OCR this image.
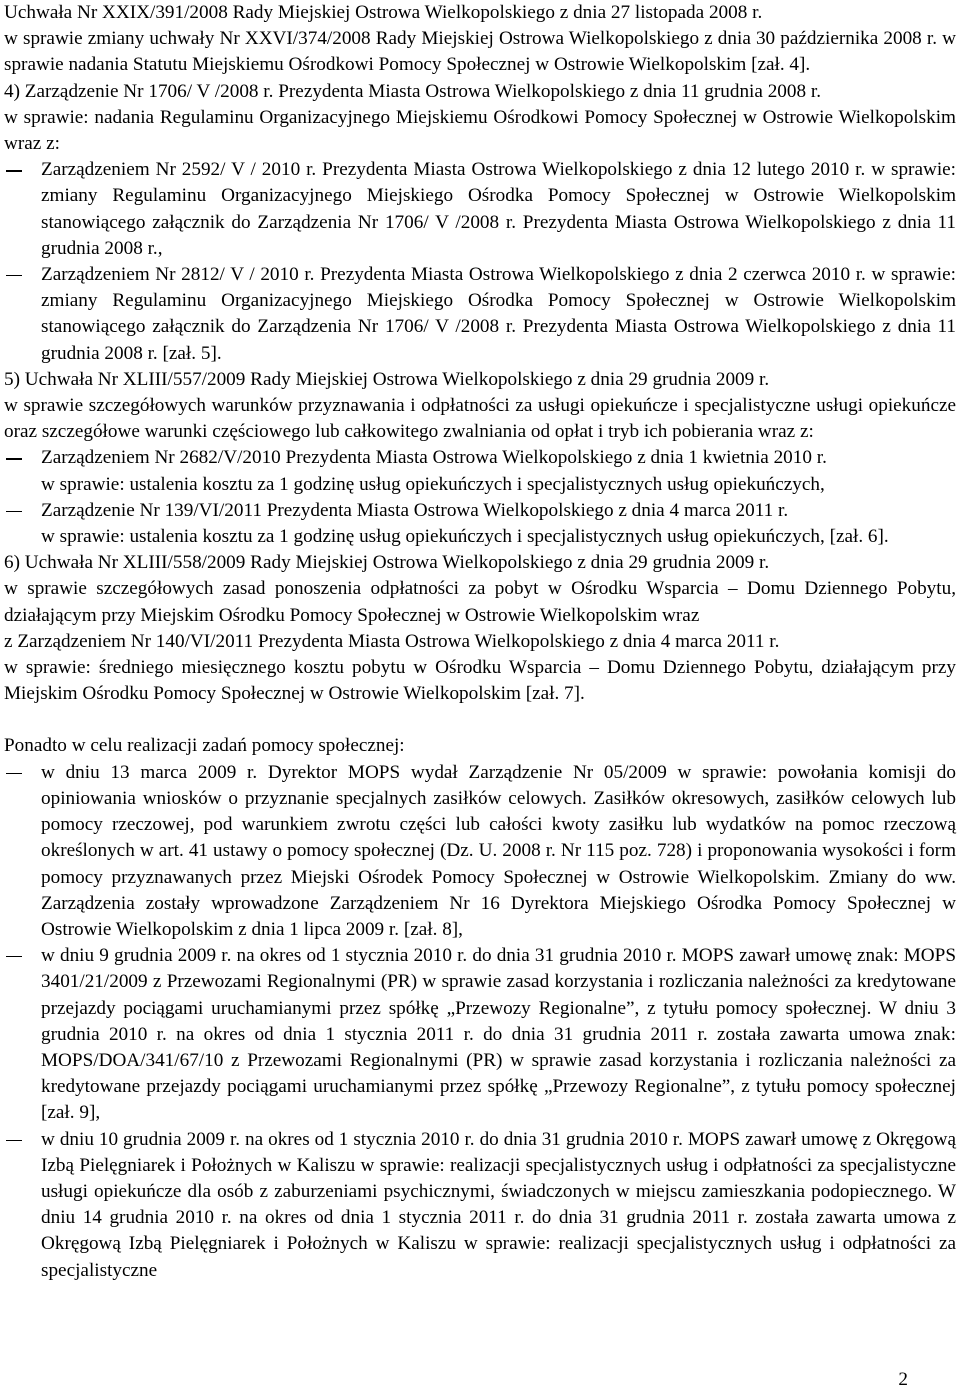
Uchwała Nr XXIX/391/2008 Rady Miejskiej Ostrowa Wielkopolskiego z dnia 27 listopada 2008 r.

w sprawie zmiany uchwały Nr XXVI/374/2008 Rady Miejskiej Ostrowa Wielkopolskiego z dnia 30 października 2008 r. w sprawie nadania Statutu Miejskiemu Ośrodkowi Pomocy Społecznej w Ostrowie Wielkopolskim [zał. 4].

4) Zarządzenie Nr 1706/ V /2008 r. Prezydenta Miasta Ostrowa Wielkopolskiego z dnia 11 grudnia 2008 r.

w sprawie: nadania Regulaminu Organizacyjnego Miejskiemu Ośrodkowi Pomocy Społecznej w Ostrowie Wielkopolskim wraz z:

Zarządzeniem Nr 2592/ V / 2010 r. Prezydenta Miasta Ostrowa Wielkopolskiego z dnia 12 lutego 2010 r. w sprawie: zmiany Regulaminu Organizacyjnego Miejskiego Ośrodka Pomocy Społecznej w Ostrowie Wielkopolskim stanowiącego załącznik do Zarządzenia Nr 1706/ V /2008 r. Prezydenta Miasta Ostrowa Wielkopolskiego z dnia 11 grudnia 2008 r.,
Zarządzeniem Nr 2812/ V / 2010 r. Prezydenta Miasta Ostrowa Wielkopolskiego z dnia 2 czerwca 2010 r. w sprawie: zmiany Regulaminu Organizacyjnego Miejskiego Ośrodka Pomocy Społecznej w Ostrowie Wielkopolskim stanowiącego załącznik do Zarządzenia Nr 1706/ V /2008 r. Prezydenta Miasta Ostrowa Wielkopolskiego z dnia 11 grudnia 2008 r. [zał. 5].

5) Uchwała Nr XLIII/557/2009 Rady Miejskiej Ostrowa Wielkopolskiego z dnia 29 grudnia 2009 r.

w sprawie szczegółowych warunków przyznawania i odpłatności za usługi opiekuńcze i specjalistyczne usługi opiekuńcze oraz szczegółowe warunki częściowego lub całkowitego zwalniania od opłat i tryb ich pobierania wraz z:

Zarządzeniem Nr 2682/V/2010 Prezydenta Miasta Ostrowa Wielkopolskiego z dnia 1 kwietnia 2010 r.

w sprawie: ustalenia kosztu za 1 godzinę usług opiekuńczych i specjalistycznych usług opiekuńczych,

Zarządzenie Nr 139/VI/2011 Prezydenta Miasta Ostrowa Wielkopolskiego z dnia 4 marca 2011 r.

w sprawie: ustalenia kosztu za 1 godzinę usług opiekuńczych i specjalistycznych usług opiekuńczych, [zał. 6].

6) Uchwała Nr XLIII/558/2009 Rady Miejskiej Ostrowa Wielkopolskiego z dnia 29 grudnia 2009 r.

w sprawie szczegółowych zasad ponoszenia odpłatności za pobyt w Ośrodku Wsparcia – Domu Dziennego Pobytu, działającym przy Miejskim Ośrodku Pomocy Społecznej w Ostrowie Wielkopolskim wraz

z Zarządzeniem Nr 140/VI/2011 Prezydenta Miasta Ostrowa Wielkopolskiego z dnia 4 marca 2011 r.

w sprawie: średniego miesięcznego kosztu pobytu w Ośrodku Wsparcia – Domu Dziennego Pobytu, działającym przy Miejskim Ośrodku Pomocy Społecznej w Ostrowie Wielkopolskim [zał. 7].

Ponadto w celu realizacji zadań pomocy społecznej:

w dniu 13 marca 2009 r. Dyrektor MOPS wydał Zarządzenie Nr 05/2009 w sprawie: powołania komisji do opiniowania wniosków o przyznanie specjalnych zasiłków celowych. Zasiłków okresowych, zasiłków celowych lub pomocy rzeczowej, pod warunkiem zwrotu części lub całości kwoty zasiłku lub wydatków na pomoc rzeczową określonych w art. 41 ustawy o pomocy społecznej (Dz. U. 2008 r. Nr 115 poz. 728) i proponowania wysokości i form pomocy przyznawanych przez Miejski Ośrodek Pomocy Społecznej w Ostrowie Wielkopolskim. Zmiany do ww. Zarządzenia zostały wprowadzone Zarządzeniem Nr 16 Dyrektora Miejskiego Ośrodka Pomocy Społecznej w Ostrowie Wielkopolskim z dnia 1 lipca 2009 r. [zał. 8],
w dniu 9 grudnia 2009 r. na okres od 1 stycznia 2010 r. do dnia 31 grudnia 2010 r. MOPS zawarł umowę znak: MOPS 3401/21/2009 z Przewozami Regionalnymi (PR) w sprawie zasad korzystania i rozliczania należności za kredytowane przejazdy pociągami uruchamianymi przez spółkę „Przewozy Regionalne”, z tytułu pomocy społecznej. W dniu 3 grudnia 2010 r. na okres od dnia 1 stycznia 2011 r. do dnia 31 grudnia 2011 r. została zawarta umowa znak: MOPS/DOA/341/67/10 z Przewozami Regionalnymi (PR) w sprawie zasad korzystania i rozliczania należności za kredytowane przejazdy pociągami uruchamianymi przez spółkę „Przewozy Regionalne”, z tytułu pomocy społecznej [zał. 9],
w dniu 10 grudnia 2009 r. na okres od 1 stycznia 2010 r. do dnia 31 grudnia 2010 r. MOPS zawarł umowę z Okręgową Izbą Pielęgniarek i Położnych w Kaliszu w sprawie: realizacji specjalistycznych usług i odpłatności za specjalistyczne usługi opiekuńcze dla osób z zaburzeniami psychicznymi, świadczonych w miejscu zamieszkania podopiecznego. W dniu 14 grudnia 2010 r. na okres od dnia 1 stycznia 2011 r. do dnia 31 grudnia 2011 r. została zawarta umowa z Okręgową Izbą Pielęgniarek i Położnych w Kaliszu w sprawie: realizacji specjalistycznych usług i odpłatności za specjalistyczne
2
